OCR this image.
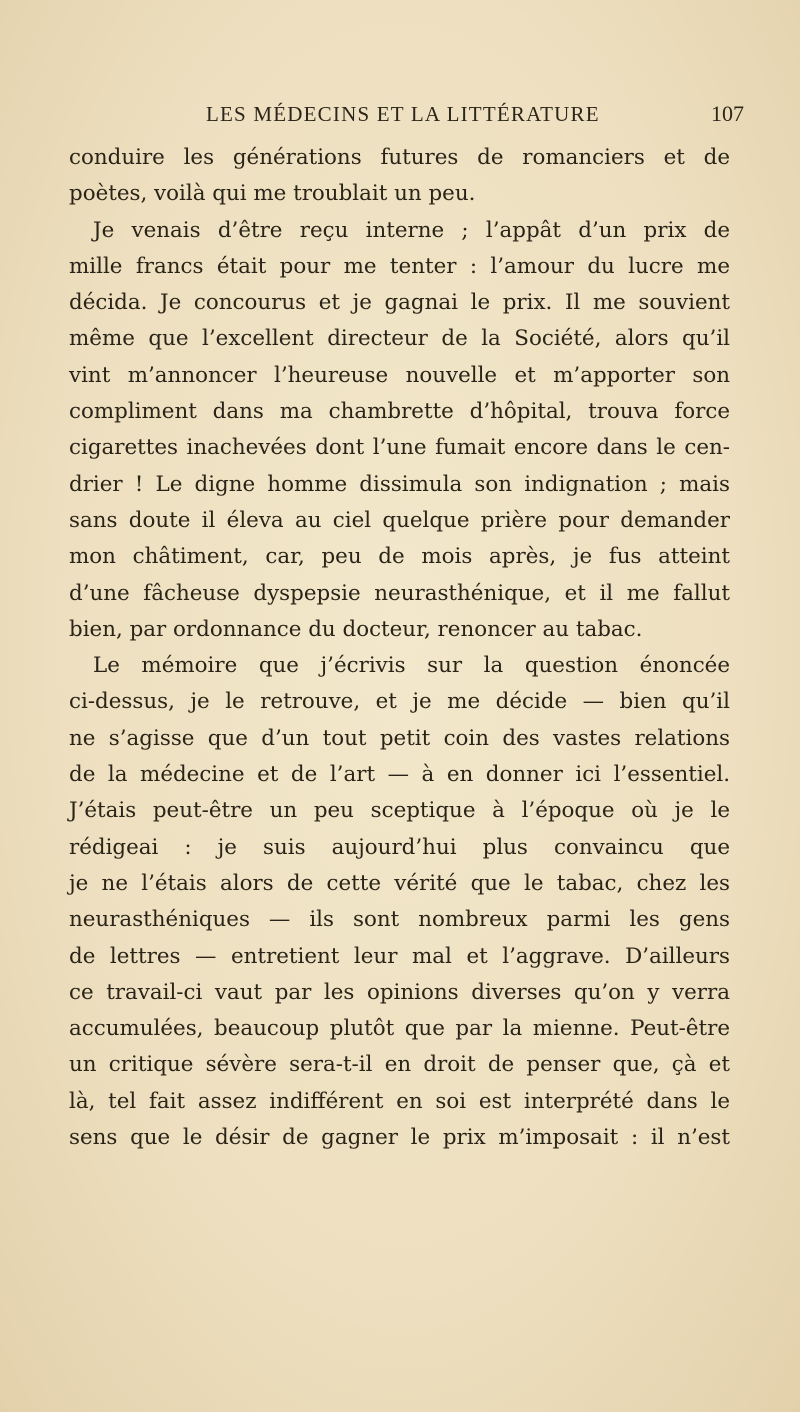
LES MÉDECINS ET LA LITTÉRATURE	107
conduire les générations futures de romanciers et de
poètes, voilà qui me troublait un peu.
Je venais d’être reçu interne ; l’appât d’un prix de
mille francs était pour me tenter : l’amour du lucre me
décida. Je concourus et je gagnai le prix. Il me souvient
même que l’excellent directeur de la Société, alors qu’il
vint m’annoncer l’heureuse nouvelle et m’apporter son
compliment dans ma chambrette d’hôpital, trouva force
cigarettes inachevées dont l’une fumait encore dans le cen-
drier ! Le digne homme dissimula son indignation ; mais
sans doute il éleva au ciel quelque prière pour demander
mon châtiment, car, peu de mois après, je fus atteint
d’une fâcheuse dyspepsie neurasthénique, et il me fallut
bien, par ordonnance du docteur, renoncer au tabac.
Le mémoire que j’écrivis sur la question énoncée
ci-dessus, je le retrouve, et je me décide — bien qu’il
ne s’agisse que d’un tout petit coin des vastes relations
de la médecine et de l’art — à en donner ici l’essentiel.
J’étais peut-être un peu sceptique à l’époque où je le
rédigeai : je suis aujourd’hui plus convaincu que
je ne l’étais alors de cette vérité que le tabac, chez les
neurasthéniques — ils sont nombreux parmi les gens
de lettres — entretient leur mal et l’aggrave. D’ailleurs
ce travail-ci vaut par les opinions diverses qu’on y verra
accumulées, beaucoup plutôt que par la mienne. Peut-être
un critique sévère sera-t-il en droit de penser que, çà et
là, tel fait assez indifférent en soi est interprété dans le
sens que le désir de gagner le prix m’imposait : il n’est
